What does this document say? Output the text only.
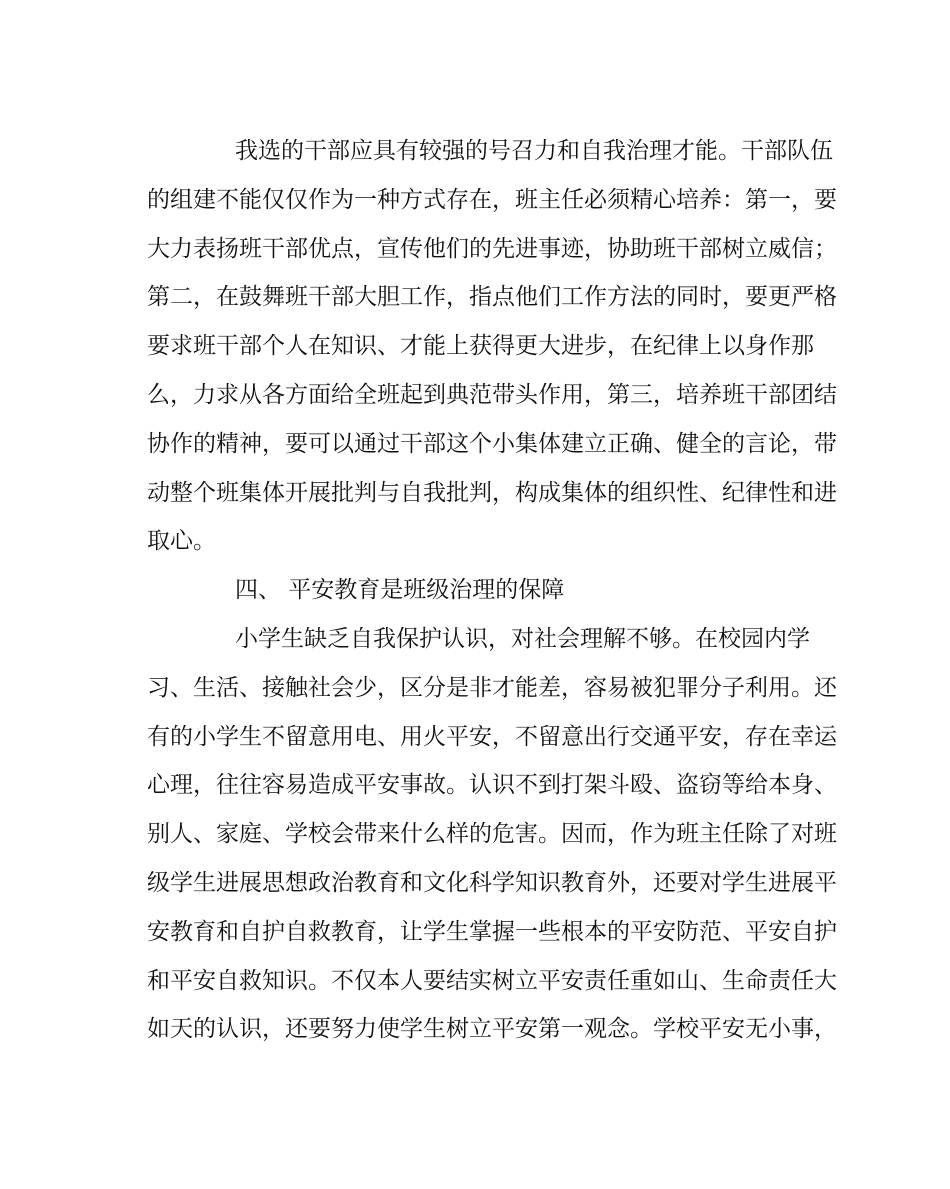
我选的干部应具有较强的号召力和自我治理才能。干部队伍
的组建不能仅仅作为一种方式存在，班主任必须精心培养：第一，要
大力表扬班干部优点，宣传他们的先进事迹，协助班干部树立威信；
第二，在鼓舞班干部大胆工作，指点他们工作方法的同时，要更严格
要求班干部个人在知识、才能上获得更大进步，在纪律上以身作那
么，力求从各方面给全班起到典范带头作用，第三，培养班干部团结
协作的精神，要可以通过干部这个小集体建立正确、健全的言论，带
动整个班集体开展批判与自我批判，构成集体的组织性、纪律性和进
取心。
四、 平安教育是班级治理的保障
小学生缺乏自我保护认识，对社会理解不够。在校园内学
习、生活、接触社会少，区分是非才能差，容易被犯罪分子利用。还
有的小学生不留意用电、用火平安，不留意出行交通平安，存在幸运
心理，往往容易造成平安事故。认识不到打架斗殴、盗窃等给本身、
别人、家庭、学校会带来什么样的危害。因而，作为班主任除了对班
级学生进展思想政治教育和文化科学知识教育外，还要对学生进展平
安教育和自护自救教育，让学生掌握一些根本的平安防范、平安自护
和平安自救知识。不仅本人要结实树立平安责任重如山、生命责任大
如天的认识，还要努力使学生树立平安第一观念。学校平安无小事，
